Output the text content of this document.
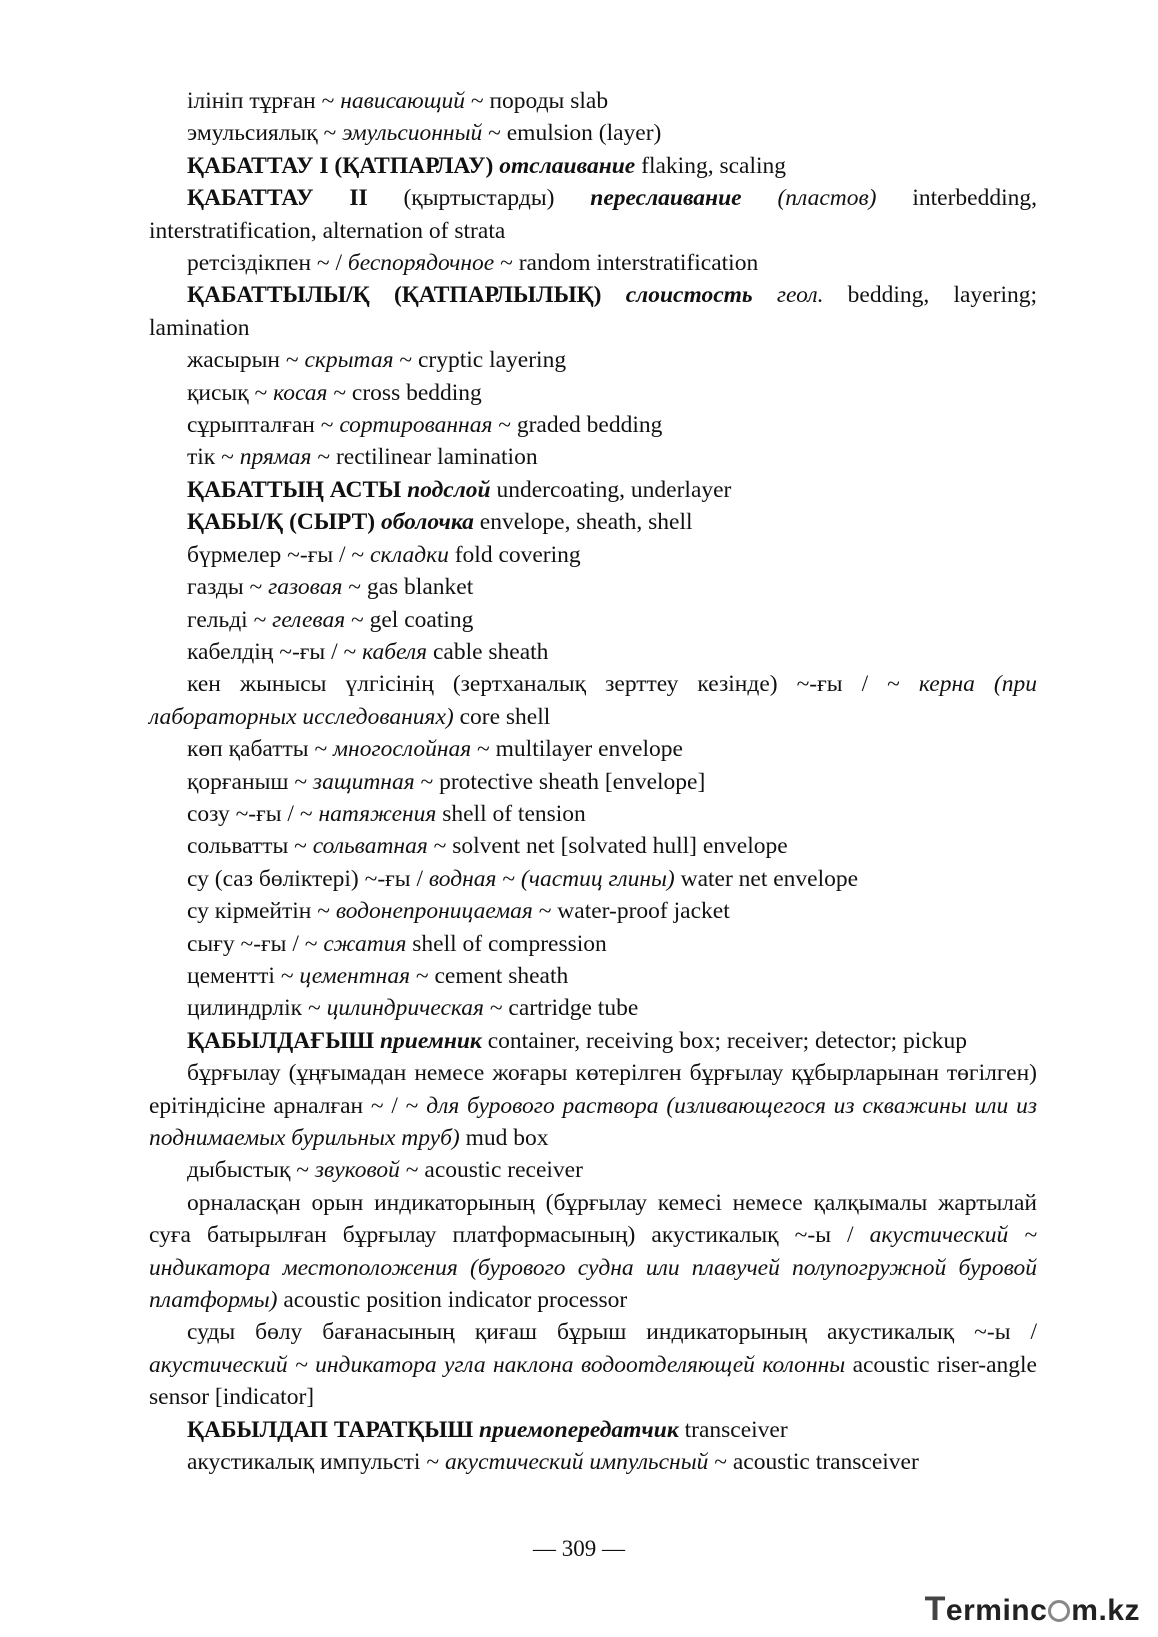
ілініп тұрған ~ нависающий ~ породы slab

эмульсиялық ~ эмульсионный ~ emulsion (layer)

ҚАБАТТАУ І (ҚАТПАРЛАУ) отслаивание flaking, scaling

ҚАБАТТАУ ІІ (қыртыстарды) переслаивание (пластов) interbedding, interstratification, alternation of strata

ретсіздікпен ~ / беспорядочное ~ random interstratification

ҚАБАТТЫЛЫ/Қ (ҚАТПАРЛЫЛЫҚ) слоистость геол. bedding, layering; lamination

жасырын ~ скрытая ~ cryptic layering

қисық ~ косая ~ cross bedding

сұрыпталған ~ сортированная ~ graded bedding

тік ~ прямая ~ rectilinear lamination

ҚАБАТТЫҢ АСТЫ подслой undercoating, underlayer

ҚАБЫ/Қ (СЫРТ) оболочка envelope, sheath, shell

бүрмелер ~-ғы / ~ складки fold covering

газды ~ газовая ~ gas blanket

гельді ~ гелевая ~ gel coating

кабелдің ~-ғы / ~ кабеля cable sheath

кен жынысы үлгісінің (зертханалық зерттеу кезінде) ~-ғы / ~ керна (при лабораторных исследованиях) core shell

көп қабатты ~ многослойная ~ multilayer envelope

қорғаныш ~ защитная ~ protective sheath [envelope]

созу ~-ғы / ~ натяжения shell of tension

сольватты ~ сольватная ~ solvent net [solvated hull] envelope

су (саз бөліктері) ~-ғы / водная ~ (частиц глины) water net envelope

су кірмейтін ~ водонепроницаемая ~ water-proof jacket

сығу ~-ғы / ~ сжатия shell of compression

цементті ~ цементная ~ cement sheath

цилиндрлік ~ цилиндрическая ~ cartridge tube

ҚАБЫЛДАҒЫШ приемник container, receiving box; receiver; detector; pickup

бұрғылау (ұңғымадан немесе жоғары көтерілген бұрғылау құбырларынан төгілген) ерітіндісіне арналған ~ / ~ для бурового раствора (изливающегося из скважины или из поднимаемых бурильных труб) mud box

дыбыстық ~ звуковой ~ acoustic receiver

орналасқан орын индикаторының (бұрғылау кемесі немесе қалқымалы жартылай суға батырылған бұрғылау платформасының) акустикалық ~-ы / акустический ~ индикатора местоположения (бурового судна или плавучей полупогружной буровой платформы) acoustic position indicator processor

суды бөлу бағанасының қиғаш бұрыш индикаторының акустикалық ~-ы / акустический ~ индикатора угла наклона водоотделяющей колонны acoustic riser-angle sensor [indicator]

ҚАБЫЛДАП ТАРАТҚЫШ приемопередатчик transceiver

акустикалық импульсті ~ акустический импульсный ~ acoustic transceiver

— 309 —
Terminc m.kz
